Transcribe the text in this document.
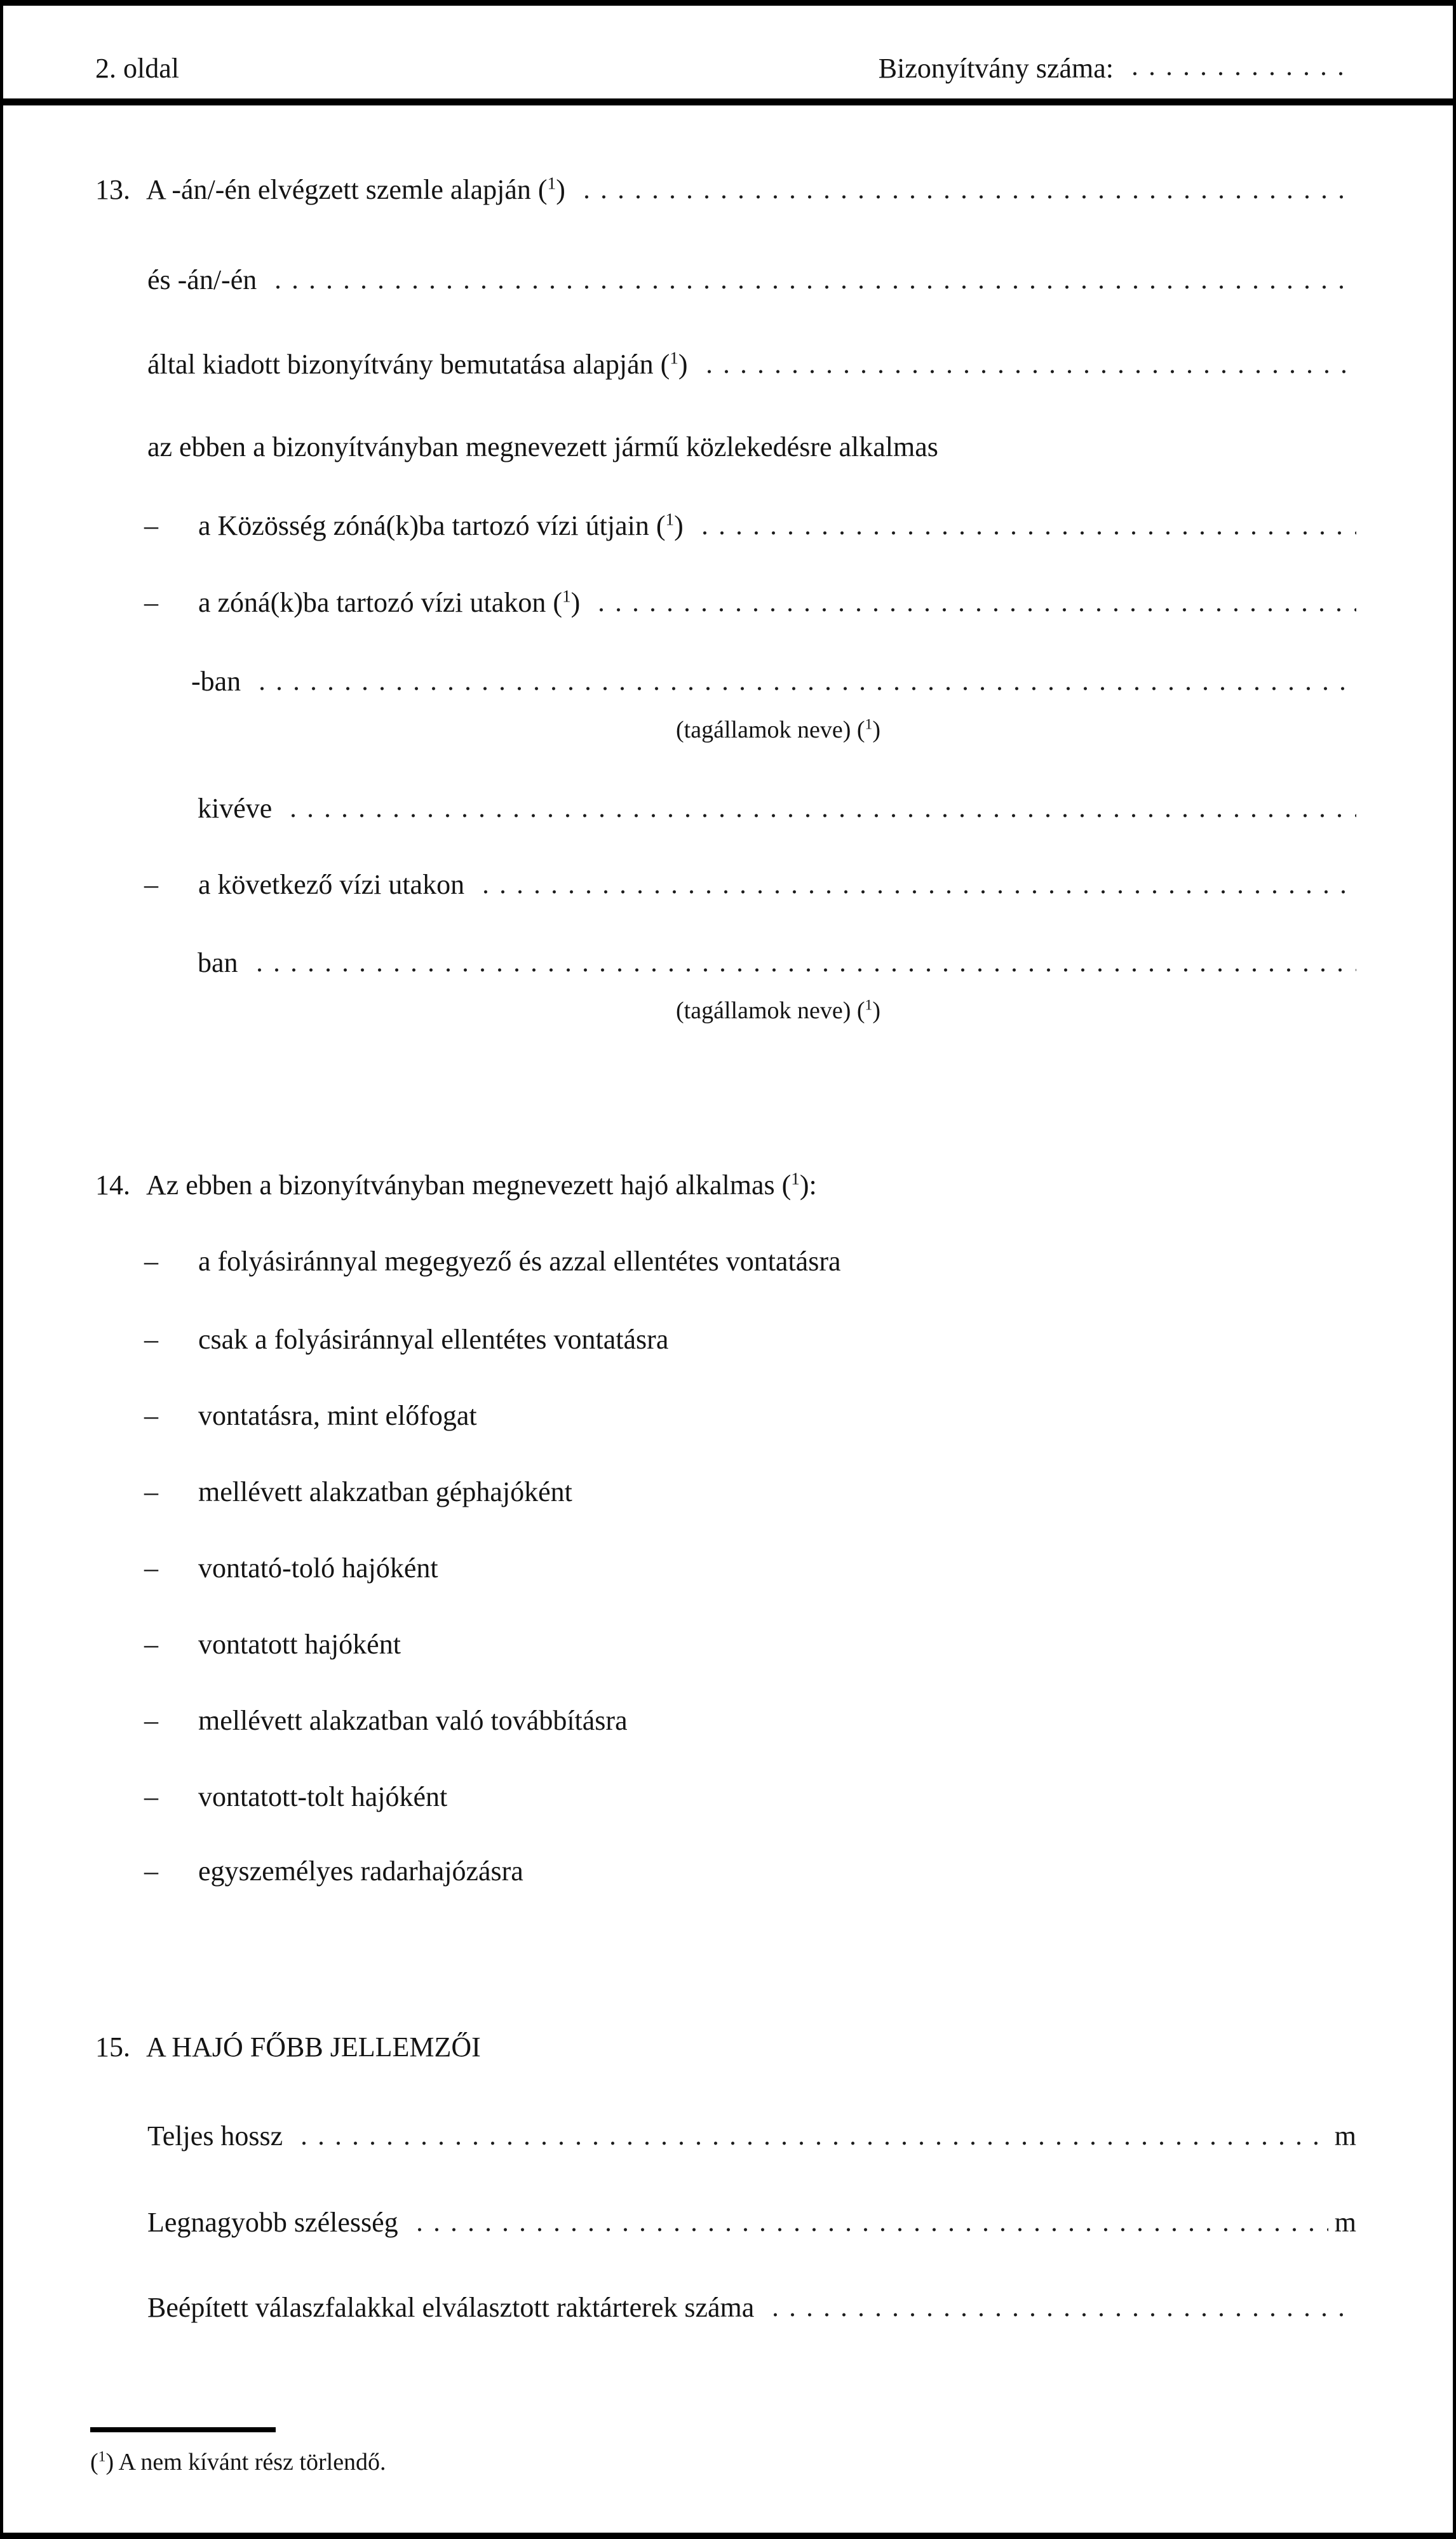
2. oldal	Bizonyítvány száma:
13. A -án/-én elvégzett szemle alapján ($^1$)
és -án/-én
által kiadott bizonyítvány bemutatása alapján ($^1$)
az ebben a bizonyítványban megnevezett jármű közlekedésre alkalmas
–	a Közösség zóná(k)ba tartozó vízi útjain ($^1$)
–	a zóná(k)ba tartozó vízi utakon ($^1$)
-ban
(tagállamok neve) ($^1$)
kivéve
–	a következő vízi utakon
ban
(tagállamok neve) ($^1$)
14. Az ebben a bizonyítványban megnevezett hajó alkalmas ($^1$):
–	a folyásiránnyal megegyező és azzal ellentétes vontatásra
–	csak a folyásiránnyal ellentétes vontatásra
–	vontatásra, mint előfogat
–	mellévett alakzatban géphajóként
–	vontató-toló hajóként
–	vontatott hajóként
–	mellévett alakzatban való továbbításra
–	vontatott-tolt hajóként
–	egyszemélyes radarhajózásra
15. A HAJÓ FŐBB JELLEMZŐI
Teljes hossz	m
Legnagyobb szélesség	m
Beépített válaszfalakkal elválasztott raktárterek száma
($^1$) A nem kívánt rész törlendő.
